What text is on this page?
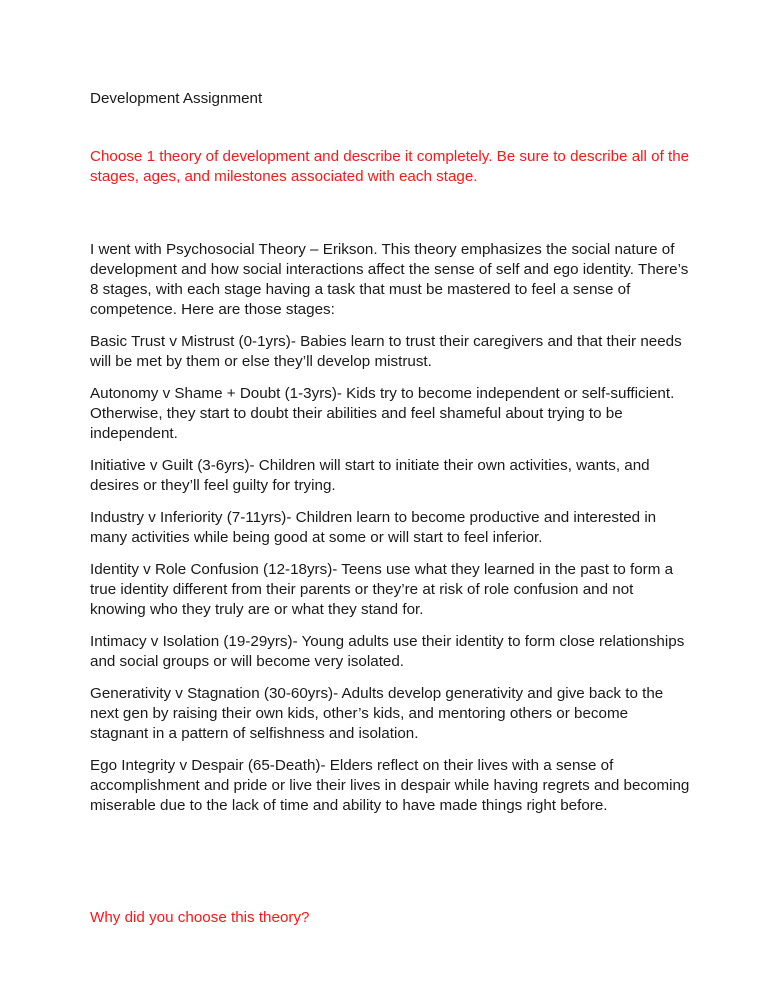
Development Assignment

Choose 1 theory of development and describe it completely. Be sure to describe all of the stages, ages, and milestones associated with each stage.

I went with Psychosocial Theory – Erikson. This theory emphasizes the social nature of development and how social interactions affect the sense of self and ego identity. There’s 8 stages, with each stage having a task that must be mastered to feel a sense of competence. Here are those stages:

Basic Trust v Mistrust (0-1yrs)- Babies learn to trust their caregivers and that their needs will be met by them or else they’ll develop mistrust.

Autonomy v Shame + Doubt (1-3yrs)- Kids try to become independent or self-sufficient. Otherwise, they start to doubt their abilities and feel shameful about trying to be independent.

Initiative v Guilt (3-6yrs)- Children will start to initiate their own activities, wants, and desires or they’ll feel guilty for trying.

Industry v Inferiority (7-11yrs)- Children learn to become productive and interested in many activities while being good at some or will start to feel inferior.

Identity v Role Confusion (12-18yrs)- Teens use what they learned in the past to form a true identity different from their parents or they’re at risk of role confusion and not knowing who they truly are or what they stand for.

Intimacy v Isolation (19-29yrs)- Young adults use their identity to form close relationships and social groups or will become very isolated.

Generativity v Stagnation (30-60yrs)- Adults develop generativity and give back to the next gen by raising their own kids, other’s kids, and mentoring others or become stagnant in a pattern of selfishness and isolation.

Ego Integrity v Despair (65-Death)- Elders reflect on their lives with a sense of accomplishment and pride or live their lives in despair while having regrets and becoming miserable due to the lack of time and ability to have made things right before.

Why did you choose this theory?
